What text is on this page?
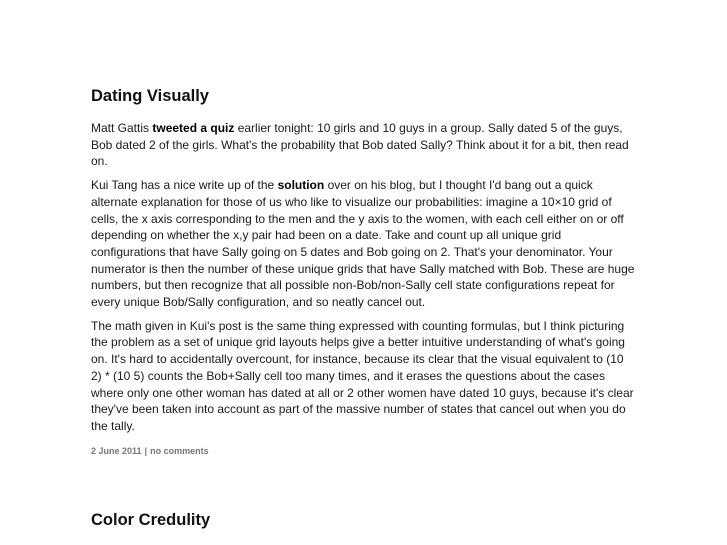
Dating Visually

Matt Gattis tweeted a quiz earlier tonight: 10 girls and 10 guys in a group. Sally dated 5 of the guys, Bob dated 2 of the girls. What's the probability that Bob dated Sally? Think about it for a bit, then read on.

Kui Tang has a nice write up of the solution over on his blog, but I thought I'd bang out a quick alternate explanation for those of us who like to visualize our probabilities: imagine a 10×10 grid of cells, the x axis corresponding to the men and the y axis to the women, with each cell either on or off depending on whether the x,y pair had been on a date. Take and count up all unique grid configurations that have Sally going on 5 dates and Bob going on 2. That's your denominator. Your numerator is then the number of these unique grids that have Sally matched with Bob. These are huge numbers, but then recognize that all possible non-Bob/non-Sally cell state configurations repeat for every unique Bob/Sally configuration, and so neatly cancel out.

The math given in Kui's post is the same thing expressed with counting formulas, but I think picturing the problem as a set of unique grid layouts helps give a better intuitive understanding of what's going on. It's hard to accidentally overcount, for instance, because its clear that the visual equivalent to (10 2) * (10 5) counts the Bob+Sally cell too many times, and it erases the questions about the cases where only one other woman has dated at all or 2 other women have dated 10 guys, because it's clear they've been taken into account as part of the massive number of states that cancel out when you do the tally.

2 June 2011 | no comments
Color Credulity
